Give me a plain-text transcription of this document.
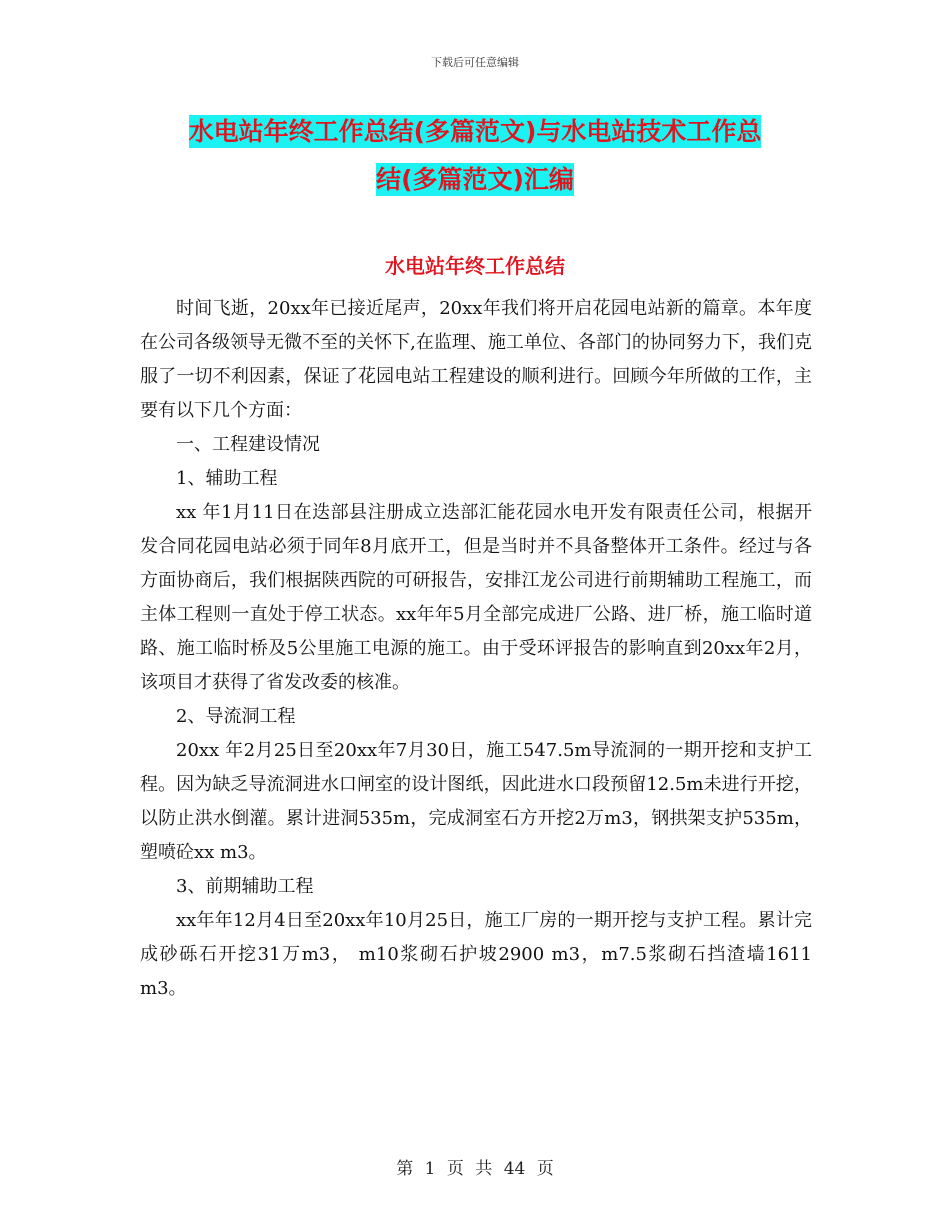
下载后可任意编辑
水电站年终工作总结(多篇范文)与水电站技术工作总
结(多篇范文)汇编
水电站年终工作总结

时间飞逝，20xx年已接近尾声，20xx年我们将开启花园电站新的篇章。本年度在公司各级领导无微不至的关怀下,在监理、施工单位、各部门的协同努力下，我们克服了一切不利因素，保证了花园电站工程建设的顺利进行。回顾今年所做的工作，主要有以下几个方面：

一、工程建设情况

1、辅助工程

xx 年1月11日在迭部县注册成立迭部汇能花园水电开发有限责任公司，根据开发合同花园电站必须于同年8月底开工，但是当时并不具备整体开工条件。经过与各方面协商后，我们根据陕西院的可研报告，安排江龙公司进行前期辅助工程施工，而主体工程则一直处于停工状态。xx年年5月全部完成进厂公路、进厂桥，施工临时道路、施工临时桥及5公里施工电源的施工。由于受环评报告的影响直到20xx年2月，该项目才获得了省发改委的核准。

2、导流洞工程

20xx 年2月25日至20xx年7月30日，施工547.5m导流洞的一期开挖和支护工程。因为缺乏导流洞进水口闸室的设计图纸，因此进水口段预留12.5m未进行开挖，以防止洪水倒灌。累计进洞535m，完成洞室石方开挖2万m3，钢拱架支护535m，塑喷砼xx m3。

3、前期辅助工程

xx年年12月4日至20xx年10月25日，施工厂房的一期开挖与支护工程。累计完成砂砾石开挖31万m3， m10浆砌石护坡2900 m3，m7.5浆砌石挡渣墙1611 m3。

第 1 页 共 44 页
